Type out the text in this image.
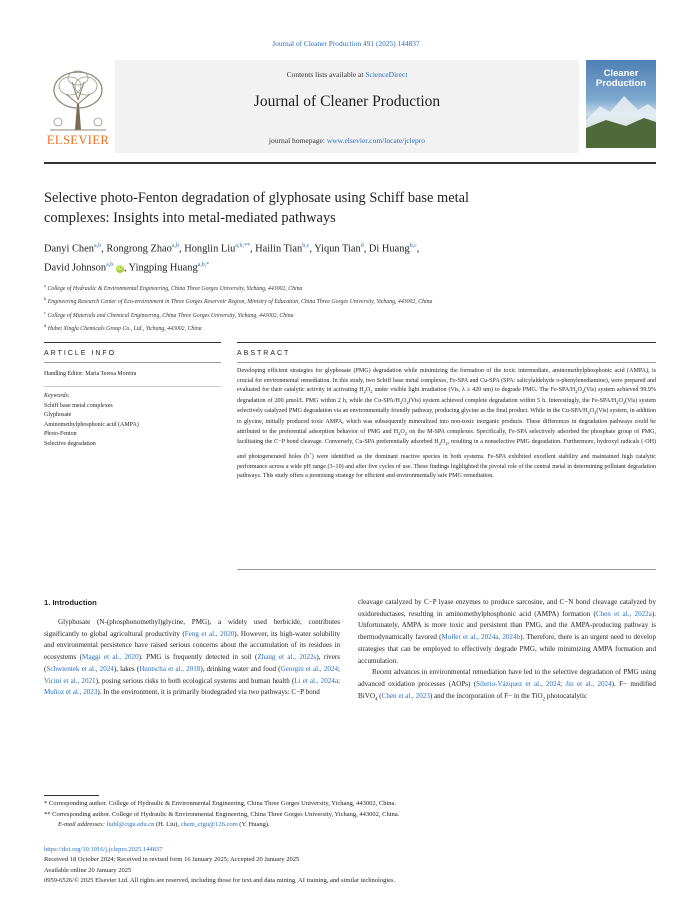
Journal of Cleaner Production 491 (2025) 144837
Contents lists available at ScienceDirect
Journal of Cleaner Production
journal homepage: www.elsevier.com/locate/jclepro
ELSEVIER
Cleaner
Production
Selective photo-Fenton degradation of glyphosate using Schiff base metal
complexes: Insights into metal-mediated pathways
Danyi Chen$^{a,b}$, Rongrong Zhao$^{a,b}$, Honglin Liu$^{a,b,**}$, Hailin Tian$^{b,c}$, Yiqun Tian$^d$, Di Huang$^{b,c}$,
David Johnson$^{a,b}$ iD, Yingping Huang$^{a,b,*}$
$^a$ College of Hydraulic & Environmental Engineering, China Three Gorges University, Yichang, 443002, China
$^b$ Engineering Research Center of Eco-environment in Three Gorges Reservoir Region, Ministry of Education, China Three Gorges University, Yichang, 443002, China
$^c$ College of Materials and Chemical Engineering, China Three Gorges University, Yichang, 443002, China
$^d$ Hubei Xingfa Chemicals Group Co., Ltd., Yichang, 443002, China
ARTICLE INFO	ABSTRACT
Handling Editor: Maria Teresa Moreira
Keywords:
Schiff base metal complexes
Glyphosate
Aminomethylphosphonic acid (AMPA)
Photo-Fenton
Selective degradation
Developing efficient strategies for glyphosate (PMG) degradation while minimizing the formation of the toxic intermediate, aminomethylphosphonic acid (AMPA), is crucial for environmental remediation. In this study, two Schiff base metal complexes, Fe-SPA and Cu-SPA (SPA: salicylaldehyde o-phenylenediamine), were prepared and evaluated for their catalytic activity in activating $H_2O_2$ under visible light irradiation (Vis, λ ≥ 420 nm) to degrade PMG. The $Fe-SPA/H_2O_2(Vis)$ system achieved 99.9% degradation of 200 μmol/L PMG within 2 h, while the $Cu-SPA/H_2O_2(Vis)$ system achieved complete degradation within 5 h. Interestingly, the $Fe-SPA/H_2O_2(Vis)$ system selectively catalyzed PMG degradation via an environmentally friendly pathway, producing glycine as the final product. While in the $Cu-SPA/H_2O_2(Vis)$ system, in addition to glycine, initially produced toxic AMPA, which was subsequently mineralized into non-toxic inorganic products. These differences in degradation pathways could be attributed to the preferential adsorption behavior of PMG and $H_2O_2$ on the M-SPA complexes. Specifically, Fe-SPA selectively adsorbed the phosphate group of PMG, facilitating the C−P bond cleavage. Conversely, Cu-SPA preferentially adsorbed $H_2O_2$, resulting in a nonselective PMG degradation. Furthermore, hydroxyl radicals (·OH) and photogenerated holes (h+) were identified as the dominant reactive species in both systems. Fe-SPA exhibited excellent stability and maintained high catalytic performance across a wide pH range (3–10) and after five cycles of use. These findings highlighted the pivotal role of the central metal in determining pollutant degradation pathways. This study offers a promising strategy for efficient and environmentally safe PMG remediation.
1. Introduction

Glyphosate (N-(phosphonomethyl)glycine, PMG), a widely used herbicide, contributes significantly to global agricultural productivity (Feng et al., 2020). However, its high-water solubility and environmental persistence have raised serious concerns about the accumulation of its residues in ecosystems (Maggi et al., 2020). PMG is frequently detected in soil (Zhang et al., 2022s), rivers (Schwientek et al., 2024), lakes (Huntscha et al., 2018), drinking water and food (Georgin et al., 2024; Vicini et al., 2021), posing serious risks to both ecological systems and human health (Li et al., 2024a; Muñoz et al., 2023). In the environment, it is primarily biodegraded via two pathways: C−P bond

cleavage catalyzed by C−P lyase enzymes to produce sarcosine, and C−N bond cleavage catalyzed by oxidoreductases, resulting in aminomethylphosphonic acid (AMPA) formation (Chen et al., 2022a). Unfortunately, AMPA is more toxic and persistent than PMG, and the AMPA-producing pathway is thermodynamically favored (Moller et al., 2024a, 2024b). Therefore, there is an urgent need to develop strategies that can be employed to effectively degrade PMG, while minimizing AMPA formation and accumulation.

Recent advances in environmental remediation have led to the selective degradation of PMG using advanced oxidation processes (AOPs) (Silerio-Vázquez et al., 2024; Jin et al., 2024). F− modified BiVO$_4$ (Chen et al., 2023) and the incorporation of F− in the TiO$_2$ photocatalytic

* Corresponding author. College of Hydraulic & Environmental Engineering, China Three Gorges University, Yichang, 443002, China.
** Corresponding author. College of Hydraulic & Environmental Engineering, China Three Gorges University, Yichang, 443002, China.
E-mail addresses: liuhl@ctgu.edu.cn (H. Liu), chem_ctgu@126.com (Y. Huang).
https://doi.org/10.1016/j.jclepro.2025.144837
Received 18 October 2024; Received in revised form 16 January 2025; Accepted 20 January 2025
Available online 20 January 2025
0959-6526/© 2025 Elsevier Ltd. All rights are reserved, including those for text and data mining, AI training, and similar technologies.
